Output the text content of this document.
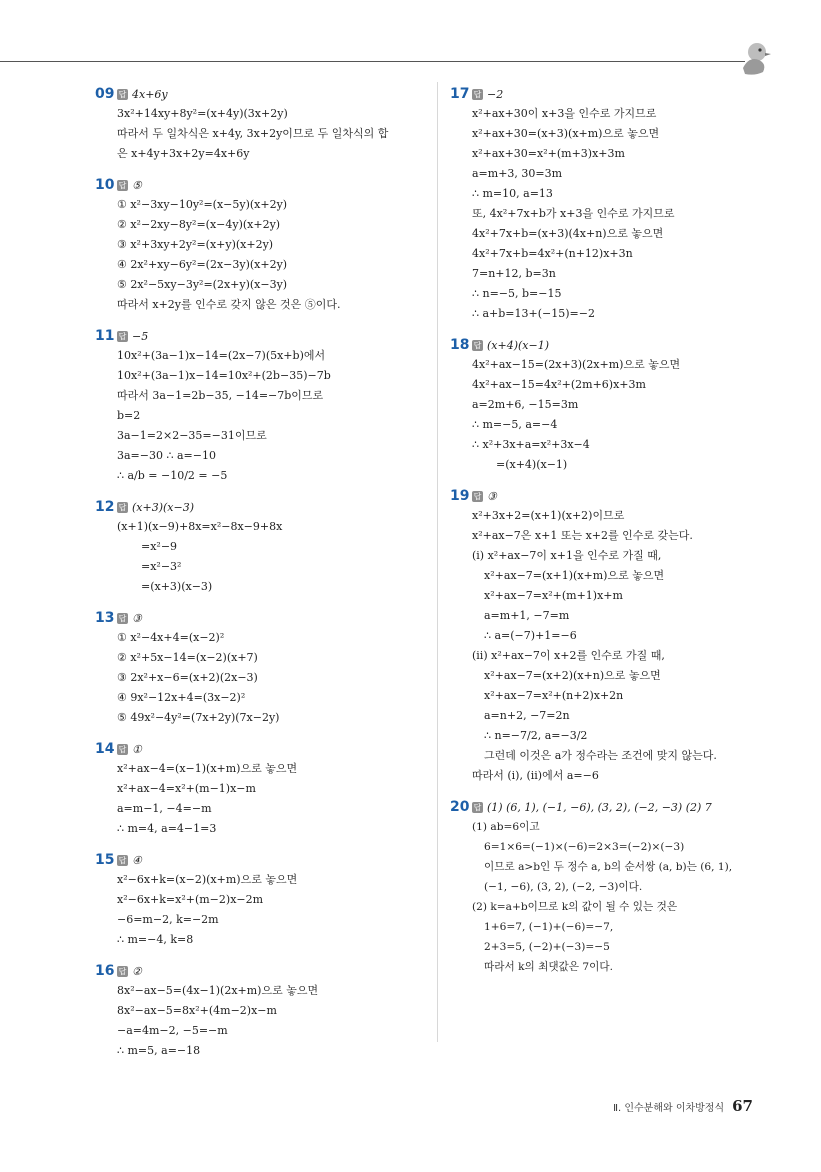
09 답 4x+6y
3x²+14xy+8y²=(x+4y)(3x+2y)
따라서 두 일차식은 x+4y, 3x+2y이므로 두 일차식의 합
은 x+4y+3x+2y=4x+6y
10 답 ⑤
① x²−3xy−10y²=(x−5y)(x+2y)
② x²−2xy−8y²=(x−4y)(x+2y)
③ x²+3xy+2y²=(x+y)(x+2y)
④ 2x²+xy−6y²=(2x−3y)(x+2y)
⑤ 2x²−5xy−3y²=(2x+y)(x−3y)
따라서 x+2y를 인수로 갖지 않은 것은 ⑤이다.
11 답 −5
10x²+(3a−1)x−14=(2x−7)(5x+b)에서
10x²+(3a−1)x−14=10x²+(2b−35)−7b
따라서 3a−1=2b−35, −14=−7b이므로
b=2
3a−1=2×2−35=−31이므로
3a=−30 ∴ a=−10
∴ a/b = −10/2 = −5
12 답 (x+3)(x−3)
(x+1)(x−9)+8x=x²−8x−9+8x
=x²−9
=x²−3²
=(x+3)(x−3)
13 답 ③
① x²−4x+4=(x−2)²
② x²+5x−14=(x−2)(x+7)
③ 2x²+x−6=(x+2)(2x−3)
④ 9x²−12x+4=(3x−2)²
⑤ 49x²−4y²=(7x+2y)(7x−2y)
14 답 ①
x²+ax−4=(x−1)(x+m)으로 놓으면
x²+ax−4=x²+(m−1)x−m
a=m−1, −4=−m
∴ m=4, a=4−1=3
15 답 ④
x²−6x+k=(x−2)(x+m)으로 놓으면
x²−6x+k=x²+(m−2)x−2m
−6=m−2, k=−2m
∴ m=−4, k=8
16 답 ②
8x²−ax−5=(4x−1)(2x+m)으로 놓으면
8x²−ax−5=8x²+(4m−2)x−m
−a=4m−2, −5=−m
∴ m=5, a=−18
17 답 −2
x²+ax+30이 x+3을 인수로 가지므로
x²+ax+30=(x+3)(x+m)으로 놓으면
x²+ax+30=x²+(m+3)x+3m
a=m+3, 30=3m
∴ m=10, a=13
또, 4x²+7x+b가 x+3을 인수로 가지므로
4x²+7x+b=(x+3)(4x+n)으로 놓으면
4x²+7x+b=4x²+(n+12)x+3n
7=n+12, b=3n
∴ n=−5, b=−15
∴ a+b=13+(−15)=−2
18 답 (x+4)(x−1)
4x²+ax−15=(2x+3)(2x+m)으로 놓으면
4x²+ax−15=4x²+(2m+6)x+3m
a=2m+6, −15=3m
∴ m=−5, a=−4
∴ x²+3x+a=x²+3x−4
=(x+4)(x−1)
19 답 ③
x²+3x+2=(x+1)(x+2)이므로
x²+ax−7은 x+1 또는 x+2를 인수로 갖는다.
(ⅰ) x²+ax−7이 x+1을 인수로 가질 때,
x²+ax−7=(x+1)(x+m)으로 놓으면
x²+ax−7=x²+(m+1)x+m
a=m+1, −7=m
∴ a=(−7)+1=−6
(ⅱ) x²+ax−7이 x+2를 인수로 가질 때,
x²+ax−7=(x+2)(x+n)으로 놓으면
x²+ax−7=x²+(n+2)x+2n
a=n+2, −7=2n
∴ n=−7/2, a=−3/2
그런데 이것은 a가 정수라는 조건에 맞지 않는다.
따라서 (ⅰ), (ⅱ)에서 a=−6
20 답 (1) (6, 1), (−1, −6), (3, 2), (−2, −3) (2) 7
(1) ab=6이고
6=1×6=(−1)×(−6)=2×3=(−2)×(−3)
이므로 a>b인 두 정수 a, b의 순서쌍 (a, b)는 (6, 1),
(−1, −6), (3, 2), (−2, −3)이다.
(2) k=a+b이므로 k의 값이 될 수 있는 것은
1+6=7, (−1)+(−6)=−7,
2+3=5, (−2)+(−3)=−5
따라서 k의 최댓값은 7이다.
Ⅱ. 인수분해와 이차방정식 67
